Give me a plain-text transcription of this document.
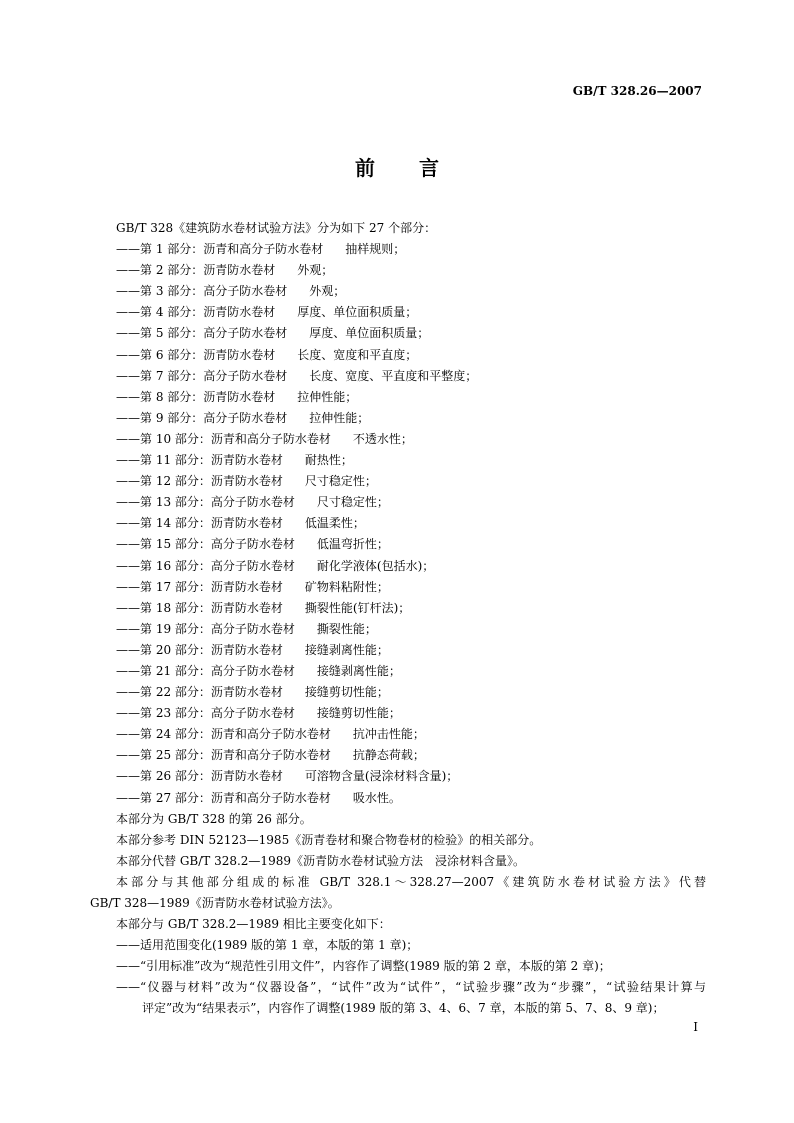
GB/T 328.26—2007
前言
GB/T 328《建筑防水卷材试验方法》分为如下 27 个部分：
——第 1 部分：沥青和高分子防水卷材 抽样规则；
——第 2 部分：沥青防水卷材 外观；
——第 3 部分：高分子防水卷材 外观；
——第 4 部分：沥青防水卷材 厚度、单位面积质量；
——第 5 部分：高分子防水卷材 厚度、单位面积质量；
——第 6 部分：沥青防水卷材 长度、宽度和平直度；
——第 7 部分：高分子防水卷材 长度、宽度、平直度和平整度；
——第 8 部分：沥青防水卷材 拉伸性能；
——第 9 部分：高分子防水卷材 拉伸性能；
——第 10 部分：沥青和高分子防水卷材 不透水性；
——第 11 部分：沥青防水卷材 耐热性；
——第 12 部分：沥青防水卷材 尺寸稳定性；
——第 13 部分：高分子防水卷材 尺寸稳定性；
——第 14 部分：沥青防水卷材 低温柔性；
——第 15 部分：高分子防水卷材 低温弯折性；
——第 16 部分：高分子防水卷材 耐化学液体(包括水)；
——第 17 部分：沥青防水卷材 矿物料粘附性；
——第 18 部分：沥青防水卷材 撕裂性能(钉杆法)；
——第 19 部分：高分子防水卷材 撕裂性能；
——第 20 部分：沥青防水卷材 接缝剥离性能；
——第 21 部分：高分子防水卷材 接缝剥离性能；
——第 22 部分：沥青防水卷材 接缝剪切性能；
——第 23 部分：高分子防水卷材 接缝剪切性能；
——第 24 部分：沥青和高分子防水卷材 抗冲击性能；
——第 25 部分：沥青和高分子防水卷材 抗静态荷载；
——第 26 部分：沥青防水卷材 可溶物含量(浸涂材料含量)；
——第 27 部分：沥青和高分子防水卷材 吸水性。
本部分为 GB/T 328 的第 26 部分。
本部分参考 DIN 52123—1985《沥青卷材和聚合物卷材的检验》的相关部分。
本部分代替 GB/T 328.2—1989《沥青防水卷材试验方法　浸涂材料含量》。
本部分与其他部分组成的标准 GB/T 328.1～328.27—2007《建筑防水卷材试验方法》代替
GB/T 328—1989《沥青防水卷材试验方法》。
本部分与 GB/T 328.2—1989 相比主要变化如下：
——适用范围变化(1989 版的第 1 章，本版的第 1 章)；
——“引用标准”改为“规范性引用文件”，内容作了调整(1989 版的第 2 章，本版的第 2 章)；
——“仪器与材料”改为“仪器设备”，“试件”改为“试件”，“试验步骤”改为“步骤”，“试验结果计算与
评定”改为“结果表示”，内容作了调整(1989 版的第 3、4、6、7 章，本版的第 5、7、8、9 章)；
I
